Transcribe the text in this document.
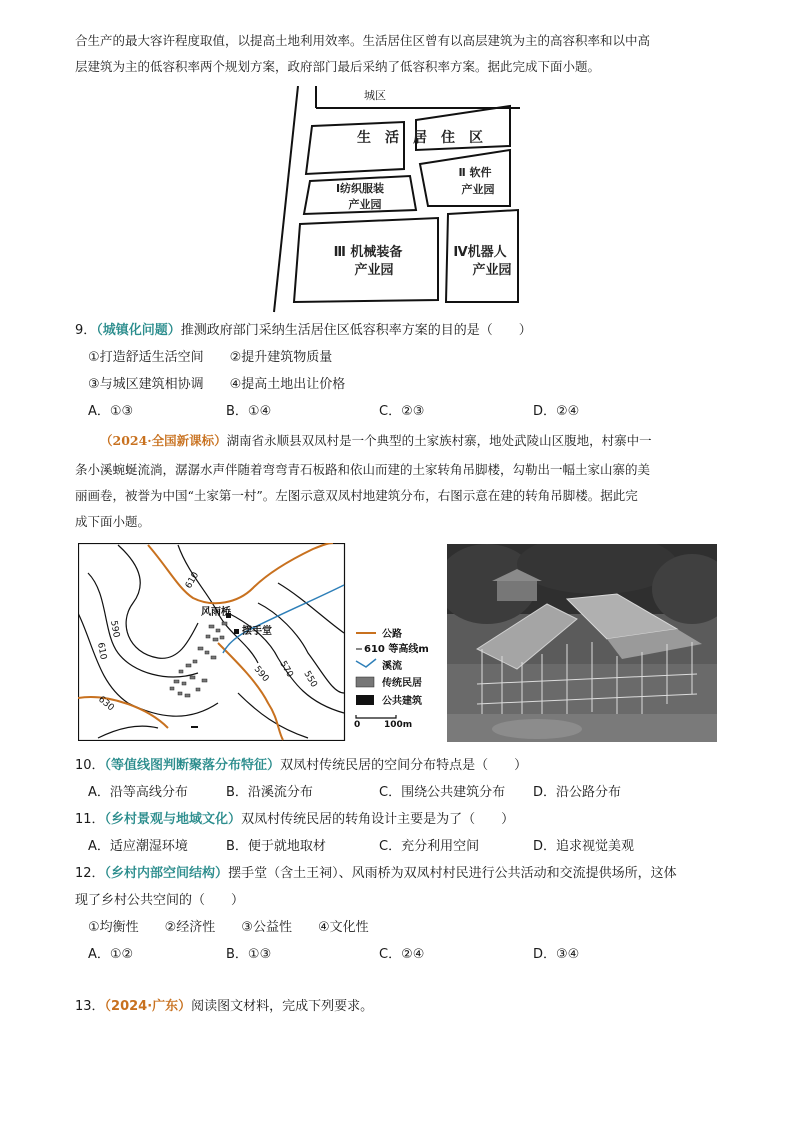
合生产的最大容许程度取值，以提高土地利用效率。生活居住区曾有以高层建筑为主的高容积率和以中高
层建筑为主的低容积率两个规划方案，政府部门最后采纳了低容积率方案。据此完成下面小题。
城区
生　活　居　住　区
Ⅰ纺织服装
产业园
Ⅱ 软件
产业园
Ⅲ 机械装备
产业园
Ⅳ机器人
产业园
9．（城镇化问题）推测政府部门采纳生活居住区低容积率方案的目的是（　　）
①打造舒适生活空间　　②提升建筑物质量
③与城区建筑相协调　　④提高土地出让价格
A．①③	B．①④	C．②③	D．②④
（2024·全国新课标）湖南省永顺县双凤村是一个典型的土家族村寨，地处武陵山区腹地，村寨中一
条小溪蜿蜒流淌，潺潺水声伴随着弯弯青石板路和依山而建的土家转角吊脚楼，勾勒出一幅土家山寨的美
丽画卷，被誉为中国“土家第一村”。左图示意双凤村地建筑分布，右图示意在建的转角吊脚楼。据此完
成下面小题。
610
590
610
630
590 570
550
风雨桥
摆手堂	公路
610 等高线m
溪流
传统民居
公共建筑
0	100m
10．（等值线图判断聚落分布特征）双凤村传统民居的空间分布特点是（　　）
A．沿等高线分布	B．沿溪流分布	C．围绕公共建筑分布 D．沿公路分布
11．（乡村景观与地域文化）双凤村传统民居的转角设计主要是为了（　　）
A．适应潮湿环境	B．便于就地取材	C．充分利用空间	D．追求视觉美观
12．（乡村内部空间结构）摆手堂（含土王祠）、风雨桥为双凤村村民进行公共活动和交流提供场所，这体
现了乡村公共空间的（　　）
①均衡性　　②经济性　　③公益性　　④文化性
A．①②	B．①③	C．②④	D．③④
13．（2024·广东）阅读图文材料，完成下列要求。
